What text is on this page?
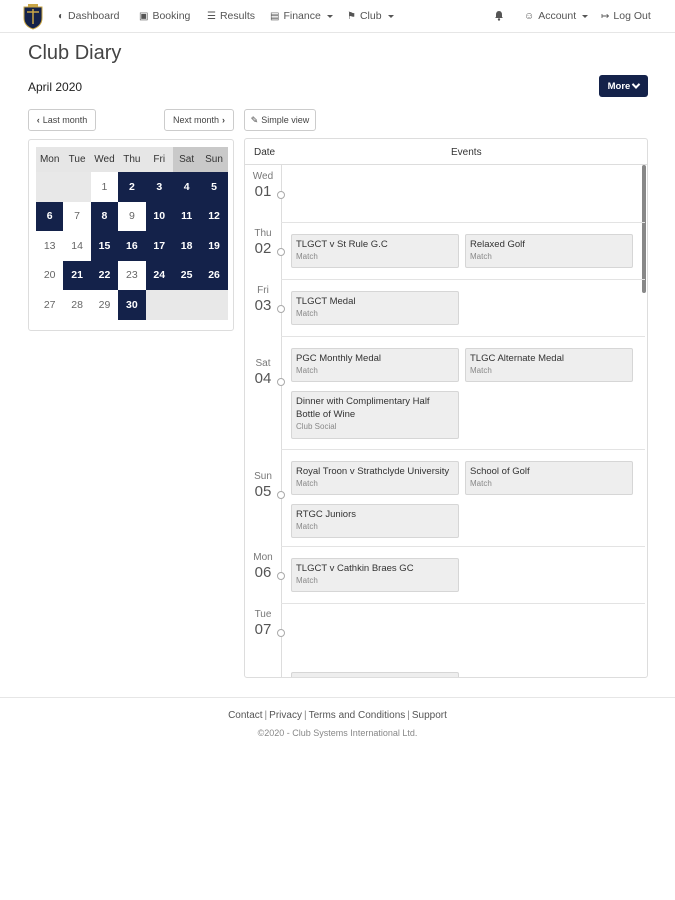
◐ Dashboard ▣ Booking ☰ Results ▤ Finance	⚑ Club	☺ Account ↦ Log Out
Club Diary
April 2020	More
‹ Last month	Next month ›	✎ Simple view
Mon	Tue	Wed	Thu	Fri	Sat	Sun
		1	2	3	4	5
6	7	8	9	10	11	12
13	14	15	16	17	18	19
20	21	22	23	24	25	26
27	28	29	30			
Date	Events
Wed
01
Thu
02	TLGCT v St Rule G.C
Match
Relaxed Golf
Match
Fri
03	TLGCT Medal
Match
Sat
04
PGC Monthly Medal
Match
TLGC Alternate Medal
Match
Dinner with Complimentary Half Bottle of Wine
Club Social
Sun
05
Royal Troon v Strathclyde University
Match
School of Golf
Match
RTGC Juniors
Match
Mon
06	TLGCT v Cathkin Braes GC
Match
Tue
07
Contact | Privacy | Terms and Conditions | Support
©2020 - Club Systems International Ltd.
